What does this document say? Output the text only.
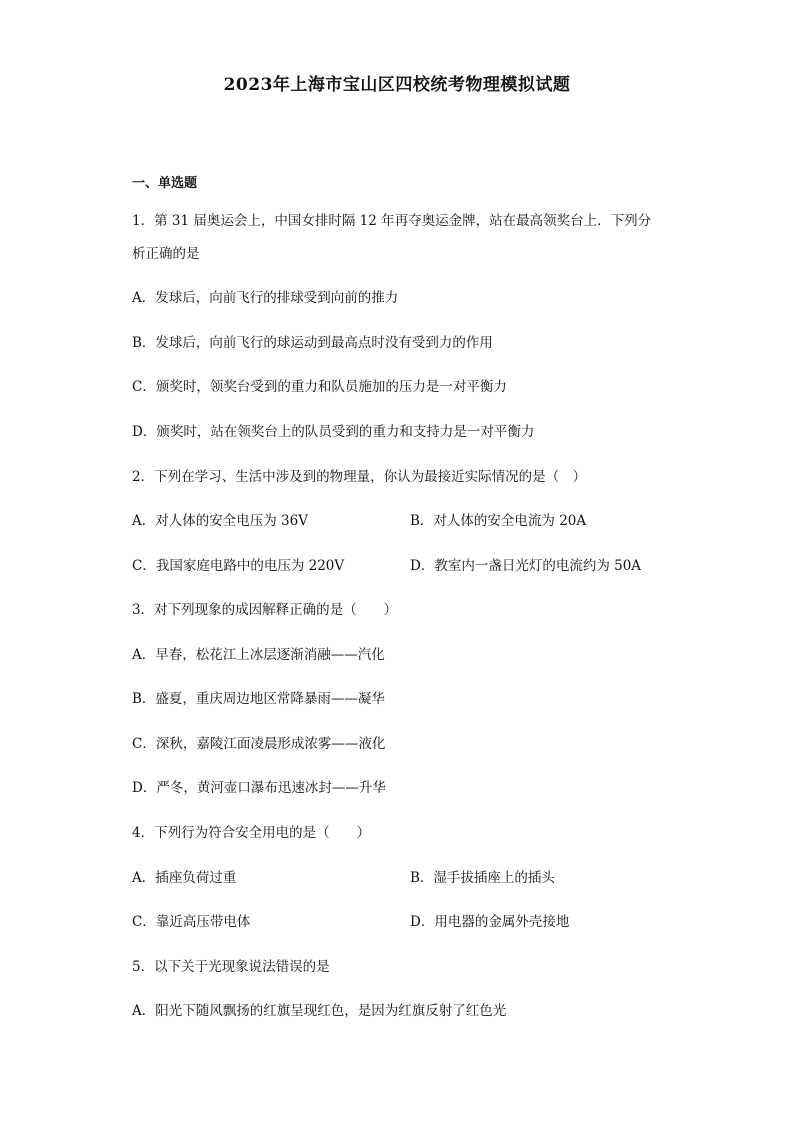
2023年上海市宝山区四校统考物理模拟试题
一、单选题
1．第 31 届奥运会上，中国女排时隔 12 年再夺奥运金牌，站在最高领奖台上．下列分
析正确的是
A．发球后，向前飞行的排球受到向前的推力
B．发球后，向前飞行的球运动到最高点时没有受到力的作用
C．颁奖时，领奖台受到的重力和队员施加的压力是一对平衡力
D．颁奖时，站在领奖台上的队员受到的重力和支持力是一对平衡力
2．下列在学习、生活中涉及到的物理量，你认为最接近实际情况的是（　）
A．对人体的安全电压为 36V	B．对人体的安全电流为 20A
C．我国家庭电路中的电压为 220V	D．教室内一盏日光灯的电流约为 50A
3．对下列现象的成因解释正确的是（　　）
A．早春，松花江上冰层逐渐消融——汽化
B．盛夏，重庆周边地区常降暴雨——凝华
C．深秋，嘉陵江面凌晨形成浓雾——液化
D．严冬，黄河壶口瀑布迅速冰封——升华
4．下列行为符合安全用电的是（　　）
A．插座负荷过重	B．湿手拔插座上的插头
C．靠近高压带电体	D．用电器的金属外壳接地
5．以下关于光现象说法错误的是
A．阳光下随风飘扬的红旗呈现红色，是因为红旗反射了红色光
